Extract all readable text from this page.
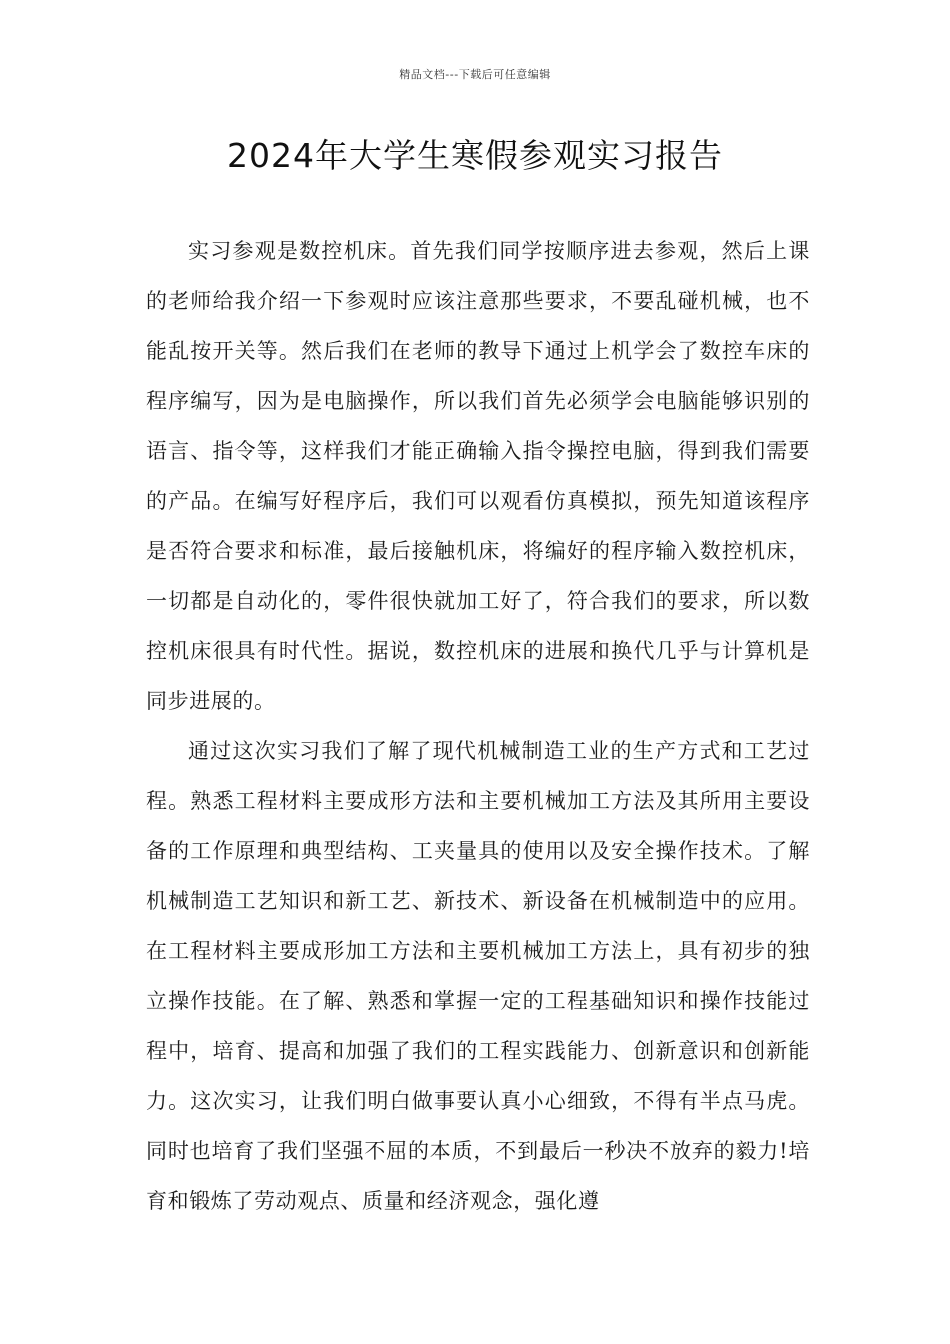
精品文档---下载后可任意编辑
2024年大学生寒假参观实习报告

实习参观是数控机床。首先我们同学按顺序进去参观，然后上课的老师给我介绍一下参观时应该注意那些要求，不要乱碰机械，也不能乱按开关等。然后我们在老师的教导下通过上机学会了数控车床的程序编写，因为是电脑操作，所以我们首先必须学会电脑能够识别的语言、指令等，这样我们才能正确输入指令操控电脑，得到我们需要的产品。在编写好程序后，我们可以观看仿真模拟，预先知道该程序是否符合要求和标准，最后接触机床，将编好的程序输入数控机床，一切都是自动化的，零件很快就加工好了，符合我们的要求，所以数控机床很具有时代性。据说，数控机床的进展和换代几乎与计算机是同步进展的。

通过这次实习我们了解了现代机械制造工业的生产方式和工艺过程。熟悉工程材料主要成形方法和主要机械加工方法及其所用主要设备的工作原理和典型结构、工夹量具的使用以及安全操作技术。了解机械制造工艺知识和新工艺、新技术、新设备在机械制造中的应用。在工程材料主要成形加工方法和主要机械加工方法上，具有初步的独立操作技能。在了解、熟悉和掌握一定的工程基础知识和操作技能过程中，培育、提高和加强了我们的工程实践能力、创新意识和创新能力。这次实习，让我们明白做事要认真小心细致，不得有半点马虎。同时也培育了我们坚强不屈的本质，不到最后一秒决不放弃的毅力!培育和锻炼了劳动观点、质量和经济观念，强化遵
